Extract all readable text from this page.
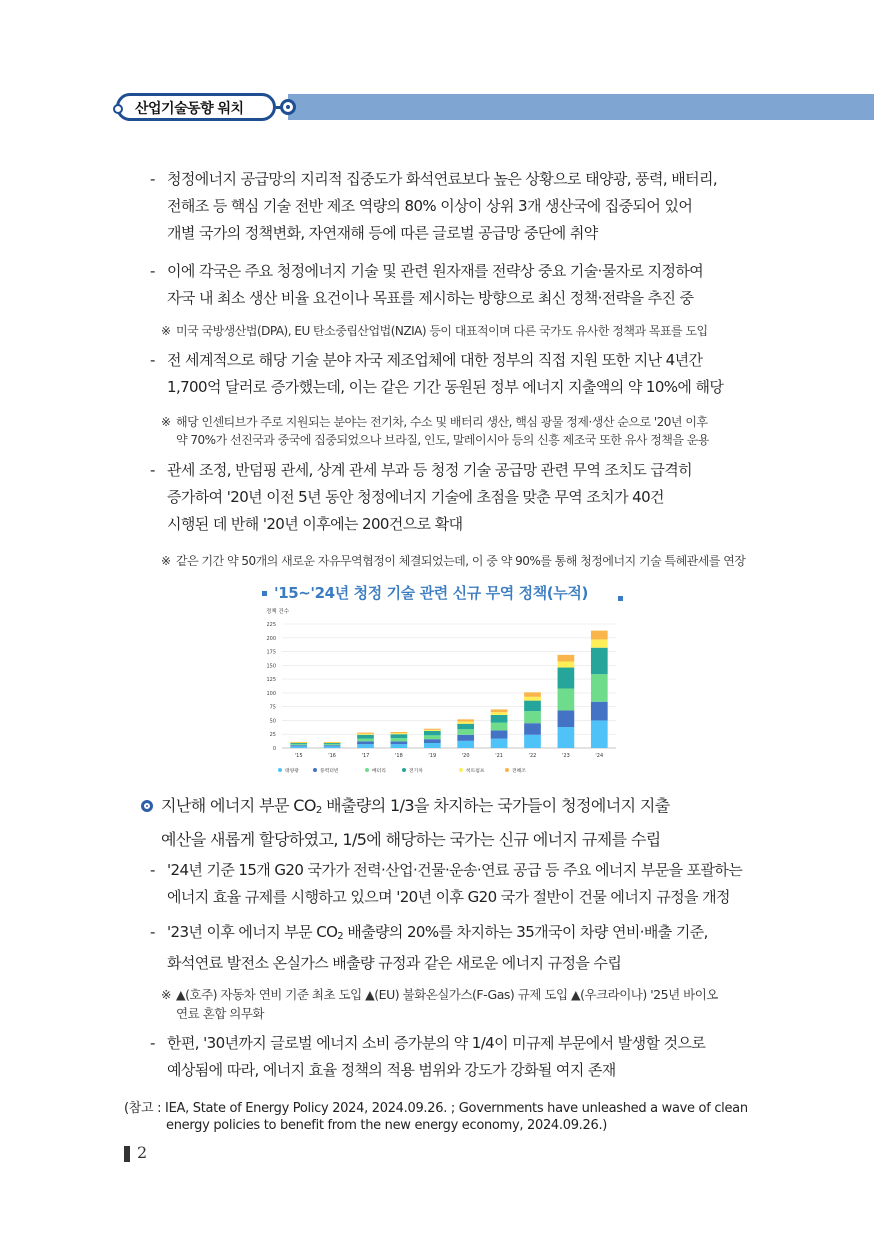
산업기술동향 워치
- 청정에너지 공급망의 지리적 집중도가 화석연료보다 높은 상황으로 태양광, 풍력, 배터리,
전해조 등 핵심 기술 전반 제조 역량의 80% 이상이 상위 3개 생산국에 집중되어 있어
개별 국가의 정책변화, 자연재해 등에 따른 글로벌 공급망 중단에 취약
- 이에 각국은 주요 청정에너지 기술 및 관련 원자재를 전략상 중요 기술·물자로 지정하여
자국 내 최소 생산 비율 요건이나 목표를 제시하는 방향으로 최신 정책·전략을 추진 중
※ 미국 국방생산법(DPA), EU 탄소중립산업법(NZIA) 등이 대표적이며 다른 국가도 유사한 정책과 목표를 도입
- 전 세계적으로 해당 기술 분야 자국 제조업체에 대한 정부의 직접 지원 또한 지난 4년간
1,700억 달러로 증가했는데, 이는 같은 기간 동원된 정부 에너지 지출액의 약 10%에 해당
※ 해당 인센티브가 주로 지원되는 분야는 전기차, 수소 및 배터리 생산, 핵심 광물 정제·생산 순으로 '20년 이후
약 70%가 선진국과 중국에 집중되었으나 브라질, 인도, 말레이시아 등의 신흥 제조국 또한 유사 정책을 운용
- 관세 조정, 반덤핑 관세, 상계 관세 부과 등 청정 기술 공급망 관련 무역 조치도 급격히
증가하여 '20년 이전 5년 동안 청정에너지 기술에 초점을 맞춘 무역 조치가 40건
시행된 데 반해 '20년 이후에는 200건으로 확대
※ 같은 기간 약 50개의 새로운 자유무역협정이 체결되었는데, 이 중 약 90%를 통해 청정에너지 기술 특혜관세를 연장
'15~'24년 청정 기술 관련 신규 무역 정책(누적)
정책 건수
0
25
50
75
100
125
150
175
200
225
'15	'16	'17	'18	'19	'20	'21	'22	'23	'24
태양광	풍력터빈	배터리	전기차	히트펌프	전해조
지난해 에너지 부문 $CO_2$ 배출량의 1/3을 차지하는 국가들이 청정에너지 지출
예산을 새롭게 할당하였고, 1/5에 해당하는 국가는 신규 에너지 규제를 수립
- '24년 기준 15개 G20 국가가 전력·산업·건물·운송·연료 공급 등 주요 에너지 부문을 포괄하는
에너지 효율 규제를 시행하고 있으며 '20년 이후 G20 국가 절반이 건물 에너지 규정을 개정
- '23년 이후 에너지 부문 $CO_2$ 배출량의 20%를 차지하는 35개국이 차량 연비·배출 기준,
화석연료 발전소 온실가스 배출량 규정과 같은 새로운 에너지 규정을 수립
※ ▲(호주) 자동차 연비 기준 최초 도입 ▲(EU) 불화온실가스(F-Gas) 규제 도입 ▲(우크라이나) '25년 바이오
연료 혼합 의무화
- 한편, '30년까지 글로벌 에너지 소비 증가분의 약 1/4이 미규제 부문에서 발생할 것으로
예상됨에 따라, 에너지 효율 정책의 적용 범위와 강도가 강화될 여지 존재
(참고 : IEA, State of Energy Policy 2024, 2024.09.26. ; Governments have unleashed a wave of clean
energy policies to benefit from the new energy economy, 2024.09.26.)
2
